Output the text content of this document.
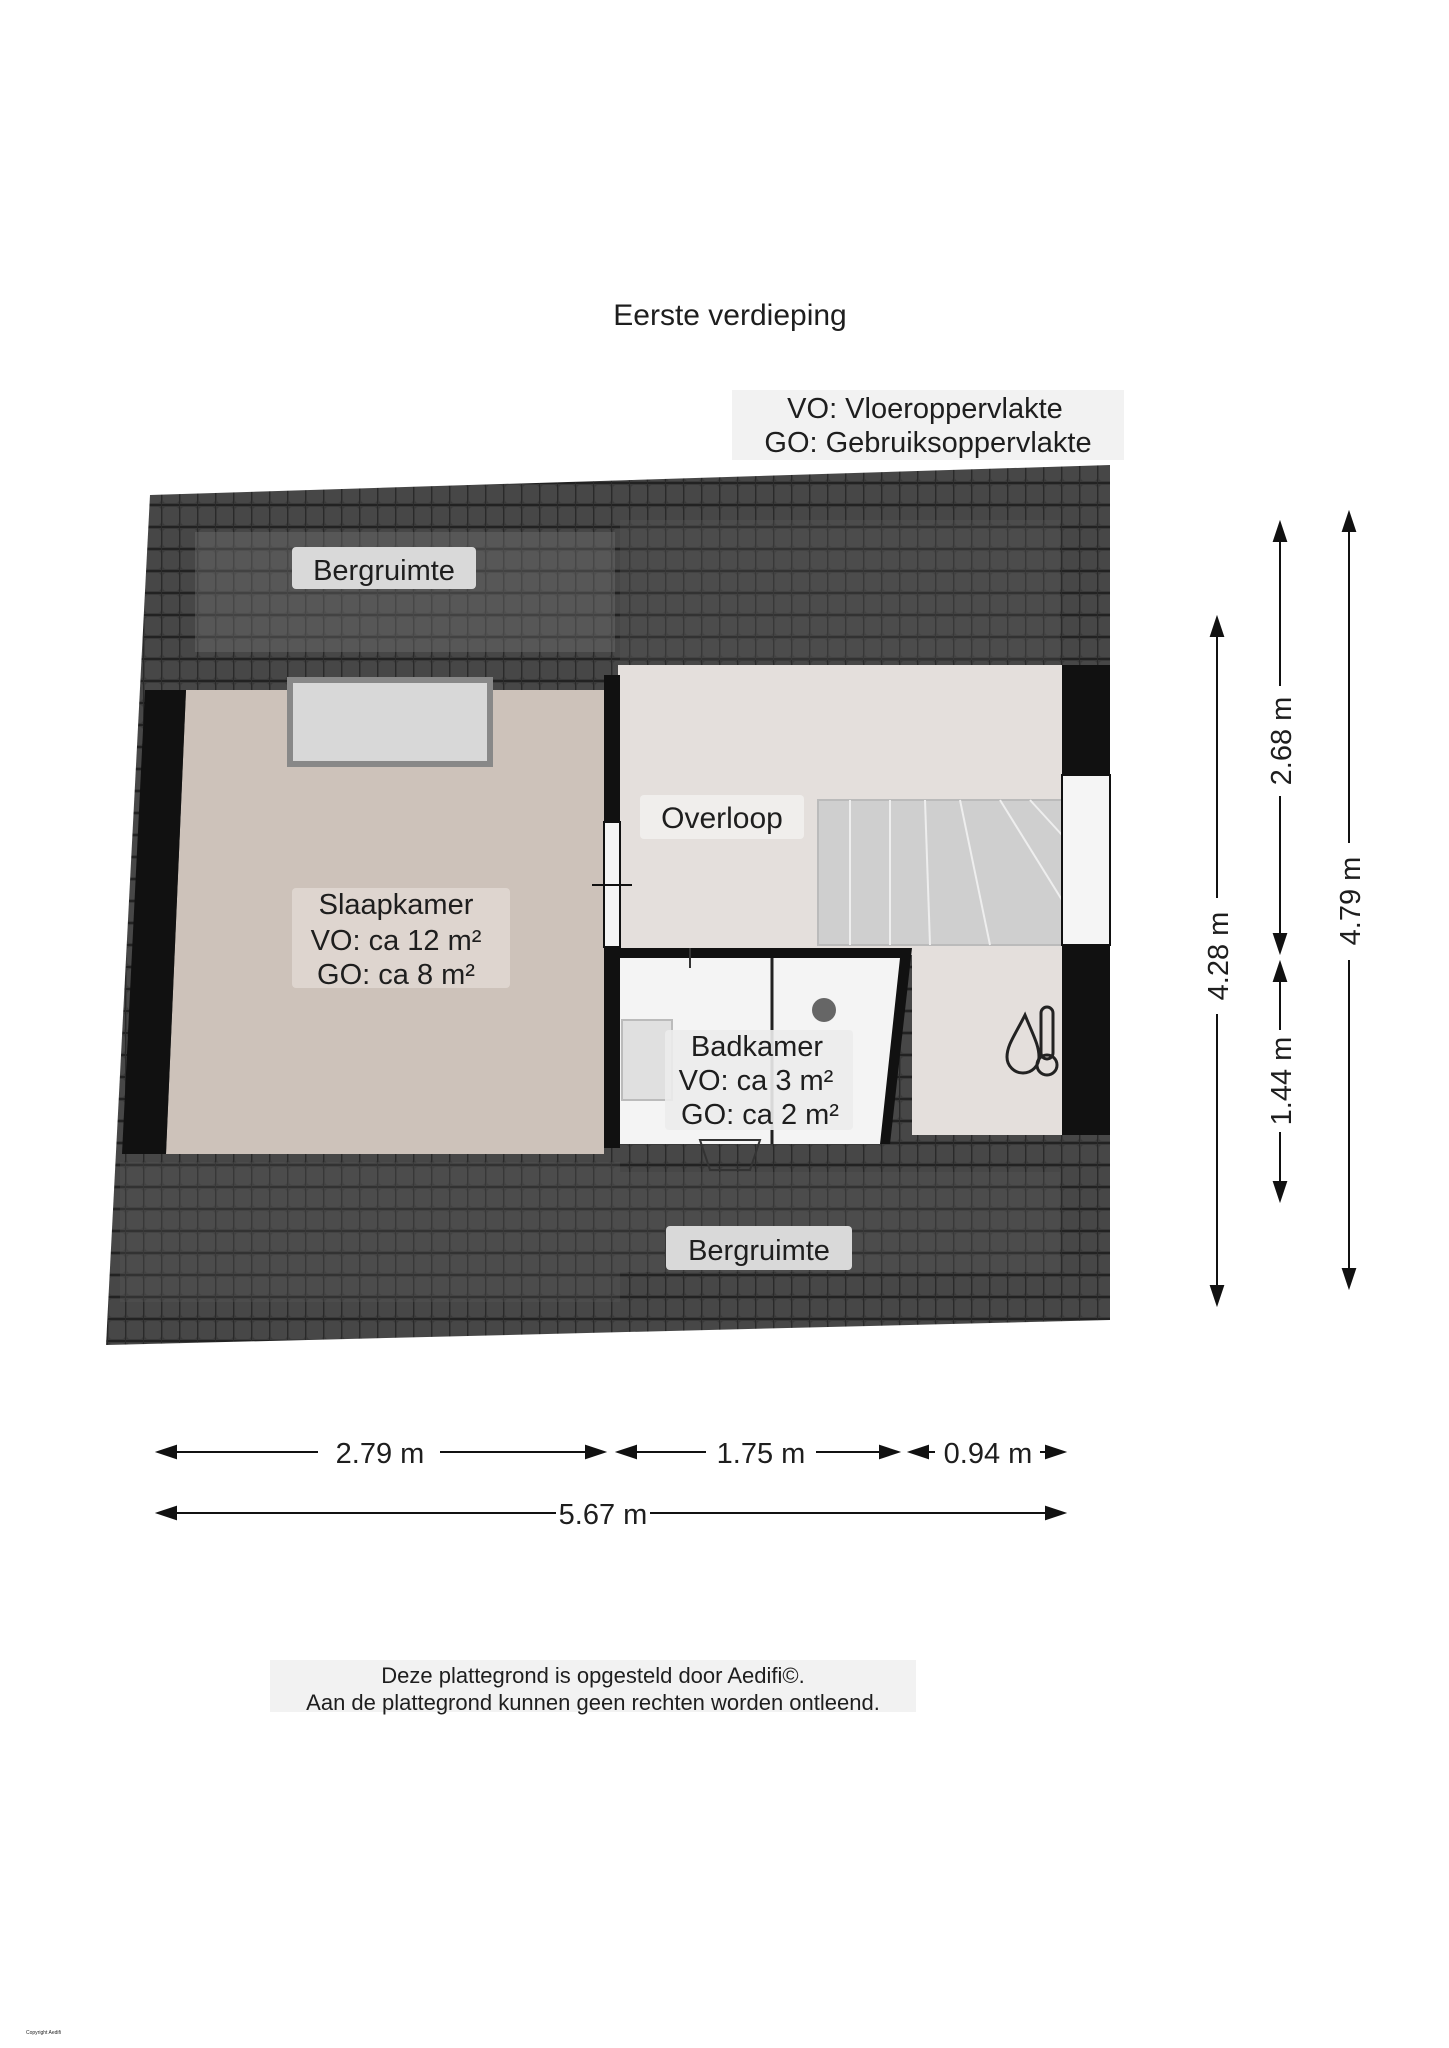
Eerste verdieping
VO: Vloeroppervlakte
GO: Gebruiksoppervlakte
Bergruimte
Overloop
Slaapkamer
VO: ca 12 m²
GO: ca 8 m²
Badkamer
VO: ca 3 m²
GO: ca 2 m²
Bergruimte
2.79 m	1.75 m	0.94 m
5.67 m
2.68 m
1.44 m
4.28 m
4.79 m
Deze plattegrond is opgesteld door Aedifi©.
Aan de plattegrond kunnen geen rechten worden ontleend.
Copyright Aedifi
